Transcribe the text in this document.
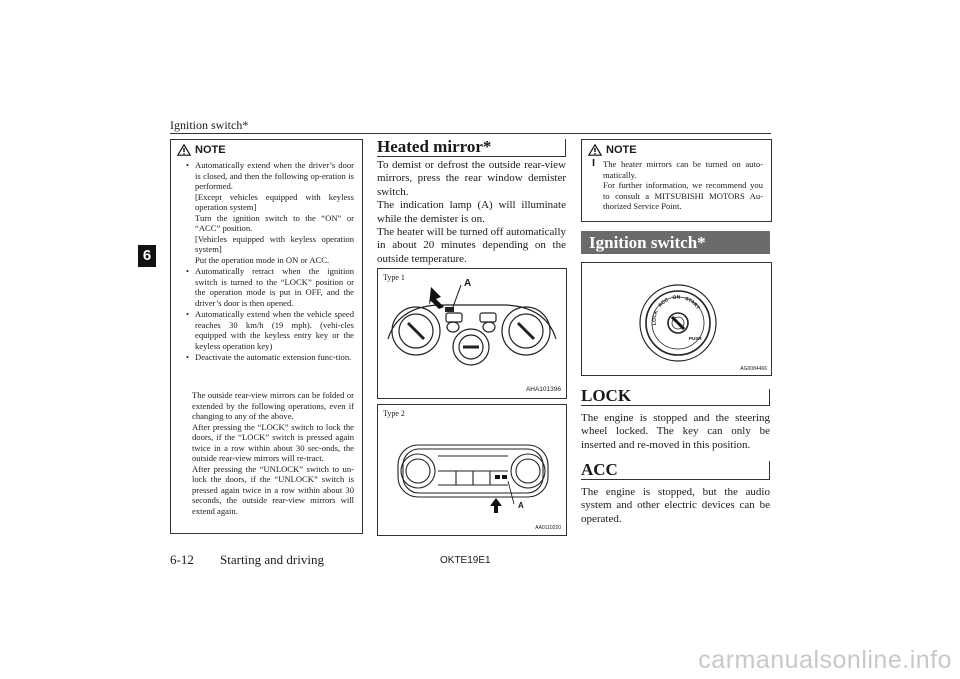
Ignition switch*
6
NOTE
• Automatically extend when the driver’s door is closed, and then the following op-eration is performed.
[Except vehicles equipped with keyless operation system]
Turn the ignition switch to the “ON” or “ACC” position.
[Vehicles equipped with keyless operation system]
Put the operation mode in ON or ACC.
• Automatically retract when the ignition switch is turned to the “LOCK” position or the operation mode is put in OFF, and the driver’s door is then opened.
• Automatically extend when the vehicle speed reaches 30 km/h (19 mph). (vehi-cles equipped with the keyless entry key or the keyless operation key)
• Deactivate the automatic extension func-tion.

The outside rear-view mirrors can be folded or extended by the following operations, even if changing to any of the above.

After pressing the “LOCK” switch to lock the doors, if the “LOCK” switch is pressed again twice in a row within about 30 sec-onds, the outside rear-view mirrors will re-tract.

After pressing the “UNLOCK” switch to un-lock the doors, if the “UNLOCK” switch is pressed again twice in a row within about 30 seconds, the outside rear-view mirrors will extend again.

Heated mirror*

To demist or defrost the outside rear-view mirrors, press the rear window demister switch.

The indication lamp (A) will illuminate while the demister is on.

The heater will be turned off automatically in about 20 minutes depending on the outside temperature.

Type 1
A
AHA101396
Type 2
A
AA0110220
NOTE
l The heater mirrors can be turned on auto-matically.

For further information, we recommend you to consult a MITSUBISHI MOTORS Au-thorized Service Point.

Ignition switch*
LOCK ACC ON START
PUSH
AG0084466
LOCK
The engine is stopped and the steering wheel locked. The key can only be inserted and re-moved in this position.
ACC
The engine is stopped, but the audio system and other electric devices can be operated.
6-12 Starting and driving	OKTE19E1
carmanualsonline.info
